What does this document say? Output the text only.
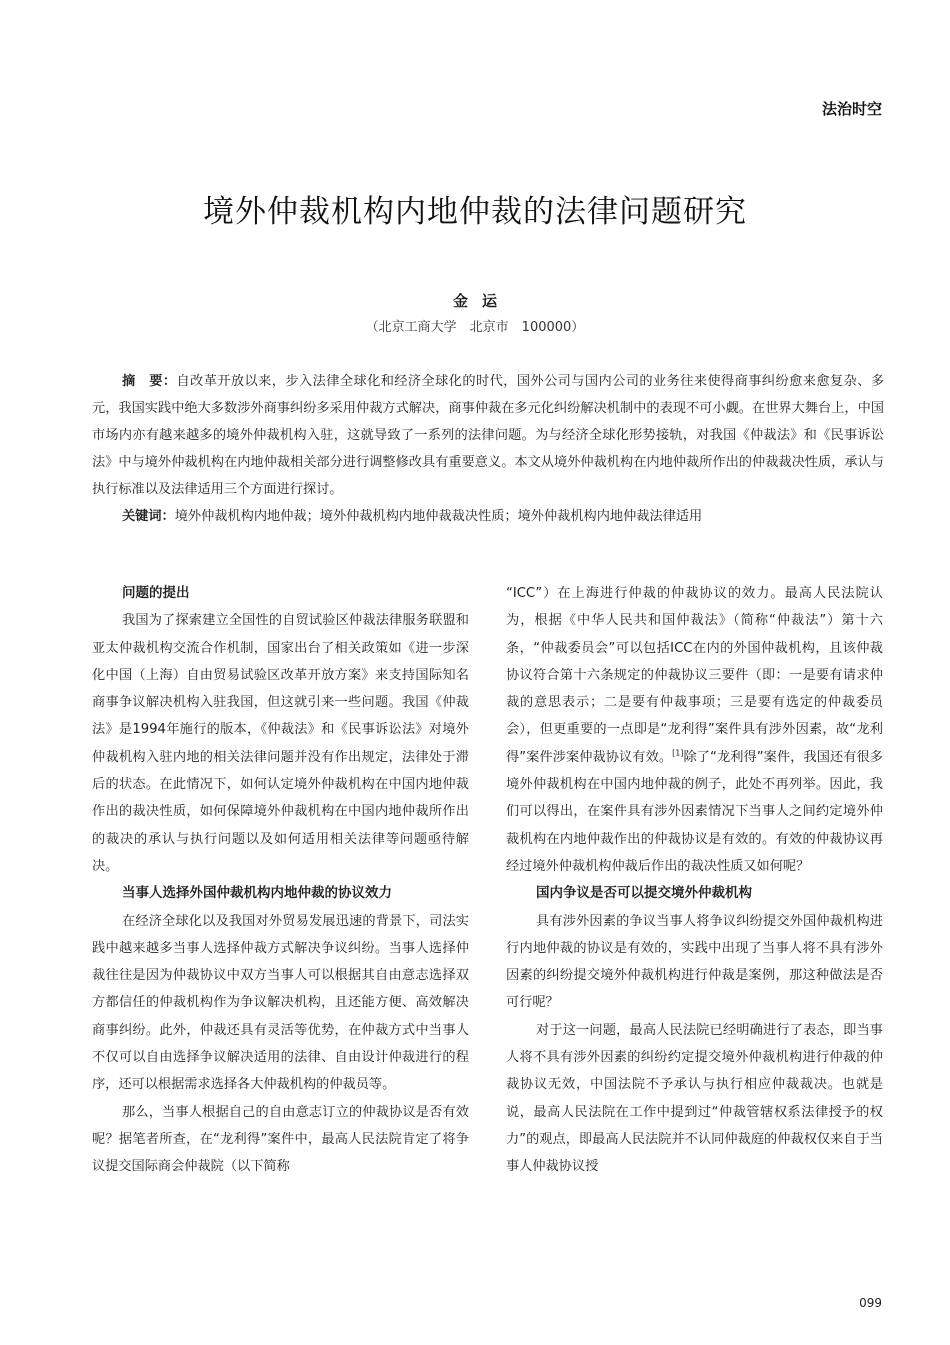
法治时空
境外仲裁机构内地仲裁的法律问题研究
金运
（北京工商大学　北京市　100000）

摘　要：自改革开放以来，步入法律全球化和经济全球化的时代，国外公司与国内公司的业务往来使得商事纠纷愈来愈复杂、多元，我国实践中绝大多数涉外商事纠纷多采用仲裁方式解决，商事仲裁在多元化纠纷解决机制中的表现不可小觑。在世界大舞台上，中国市场内亦有越来越多的境外仲裁机构入驻，这就导致了一系列的法律问题。为与经济全球化形势接轨，对我国《仲裁法》和《民事诉讼法》中与境外仲裁机构在内地仲裁相关部分进行调整修改具有重要意义。本文从境外仲裁机构在内地仲裁所作出的仲裁裁决性质，承认与执行标准以及法律适用三个方面进行探讨。

关键词：境外仲裁机构内地仲裁；境外仲裁机构内地仲裁裁决性质；境外仲裁机构内地仲裁法律适用

问题的提出

我国为了探索建立全国性的自贸试验区仲裁法律服务联盟和亚太仲裁机构交流合作机制，国家出台了相关政策如《进一步深化中国（上海）自由贸易试验区改革开放方案》来支持国际知名商事争议解决机构入驻我国，但这就引来一些问题。我国《仲裁法》是1994年施行的版本，《仲裁法》和《民事诉讼法》对境外仲裁机构入驻内地的相关法律问题并没有作出规定，法律处于滞后的状态。在此情况下，如何认定境外仲裁机构在中国内地仲裁作出的裁决性质，如何保障境外仲裁机构在中国内地仲裁所作出的裁决的承认与执行问题以及如何适用相关法律等问题亟待解决。

当事人选择外国仲裁机构内地仲裁的协议效力

在经济全球化以及我国对外贸易发展迅速的背景下，司法实践中越来越多当事人选择仲裁方式解决争议纠纷。当事人选择仲裁往往是因为仲裁协议中双方当事人可以根据其自由意志选择双方都信任的仲裁机构作为争议解决机构，且还能方便、高效解决商事纠纷。此外，仲裁还具有灵活等优势，在仲裁方式中当事人不仅可以自由选择争议解决适用的法律、自由设计仲裁进行的程序，还可以根据需求选择各大仲裁机构的仲裁员等。

那么，当事人根据自己的自由意志订立的仲裁协议是否有效呢？据笔者所查，在“龙利得”案件中，最高人民法院肯定了将争议提交国际商会仲裁院（以下简称

“ICC”）在上海进行仲裁的仲裁协议的效力。最高人民法院认为，根据《中华人民共和国仲裁法》（简称“仲裁法”）第十六条，“仲裁委员会”可以包括ICC在内的外国仲裁机构，且该仲裁协议符合第十六条规定的仲裁协议三要件（即：一是要有请求仲裁的意思表示；二是要有仲裁事项；三是要有选定的仲裁委员会），但更重要的一点即是“龙利得”案件具有涉外因素，故“龙利得”案件涉案仲裁协议有效。[1]除了“龙利得”案件，我国还有很多境外仲裁机构在中国内地仲裁的例子，此处不再列举。因此，我们可以得出，在案件具有涉外因素情况下当事人之间约定境外仲裁机构在内地仲裁作出的仲裁协议是有效的。有效的仲裁协议再经过境外仲裁机构仲裁后作出的裁决性质又如何呢？

国内争议是否可以提交境外仲裁机构

具有涉外因素的争议当事人将争议纠纷提交外国仲裁机构进行内地仲裁的协议是有效的，实践中出现了当事人将不具有涉外因素的纠纷提交境外仲裁机构进行仲裁是案例，那这种做法是否可行呢？

对于这一问题，最高人民法院已经明确进行了表态，即当事人将不具有涉外因素的纠纷约定提交境外仲裁机构进行仲裁的仲裁协议无效，中国法院不予承认与执行相应仲裁裁决。也就是说，最高人民法院在工作中提到过“仲裁管辖权系法律授予的权力”的观点，即最高人民法院并不认同仲裁庭的仲裁权仅来自于当事人仲裁协议授

099
